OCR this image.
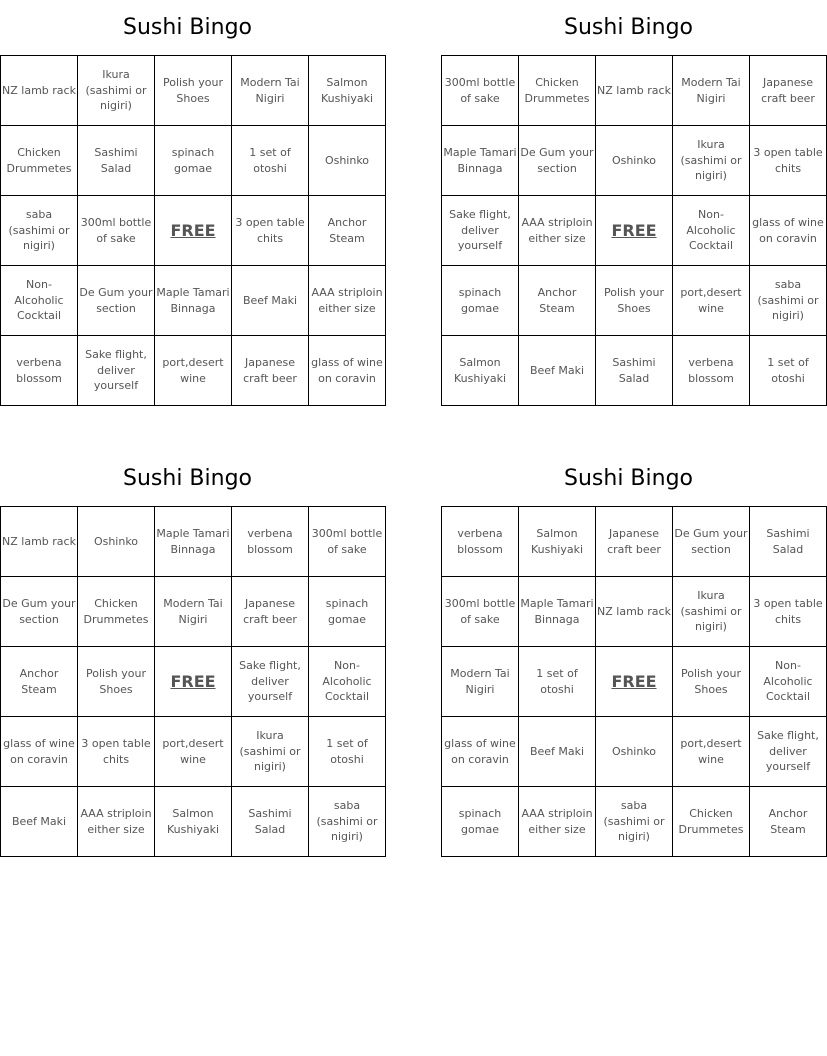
Sushi Bingo
NZ lamb rack	Ikura (sashimi or nigiri)	Polish your Shoes	Modern Tai Nigiri	Salmon Kushiyaki
Chicken Drummetes	Sashimi Salad	spinach gomae	1 set of otoshi	Oshinko
saba (sashimi or nigiri)	300ml bottle of sake	FREE	3 open table chits	Anchor Steam
Non-Alcoholic Cocktail	De Gum your section	Maple Tamari Binnaga	Beef Maki	AAA striploin either size
verbena blossom	Sake flight, deliver yourself	port,desert wine	Japanese craft beer	glass of wine on coravin
Sushi Bingo
300ml bottle of sake	Chicken Drummetes	NZ lamb rack	Modern Tai Nigiri	Japanese craft beer
Maple Tamari Binnaga	De Gum your section	Oshinko	Ikura (sashimi or nigiri)	3 open table chits
Sake flight, deliver yourself	AAA striploin either size	FREE	Non-Alcoholic Cocktail	glass of wine on coravin
spinach gomae	Anchor Steam	Polish your Shoes	port,desert wine	saba (sashimi or nigiri)
Salmon Kushiyaki	Beef Maki	Sashimi Salad	verbena blossom	1 set of otoshi
Sushi Bingo
NZ lamb rack	Oshinko	Maple Tamari Binnaga	verbena blossom	300ml bottle of sake
De Gum your section	Chicken Drummetes	Modern Tai Nigiri	Japanese craft beer	spinach gomae
Anchor Steam	Polish your Shoes	FREE	Sake flight, deliver yourself	Non-Alcoholic Cocktail
glass of wine on coravin	3 open table chits	port,desert wine	Ikura (sashimi or nigiri)	1 set of otoshi
Beef Maki	AAA striploin either size	Salmon Kushiyaki	Sashimi Salad	saba (sashimi or nigiri)
Sushi Bingo
verbena blossom	Salmon Kushiyaki	Japanese craft beer	De Gum your section	Sashimi Salad
300ml bottle of sake	Maple Tamari Binnaga	NZ lamb rack	Ikura (sashimi or nigiri)	3 open table chits
Modern Tai Nigiri	1 set of otoshi	FREE	Polish your Shoes	Non-Alcoholic Cocktail
glass of wine on coravin	Beef Maki	Oshinko	port,desert wine	Sake flight, deliver yourself
spinach gomae	AAA striploin either size	saba (sashimi or nigiri)	Chicken Drummetes	Anchor Steam
